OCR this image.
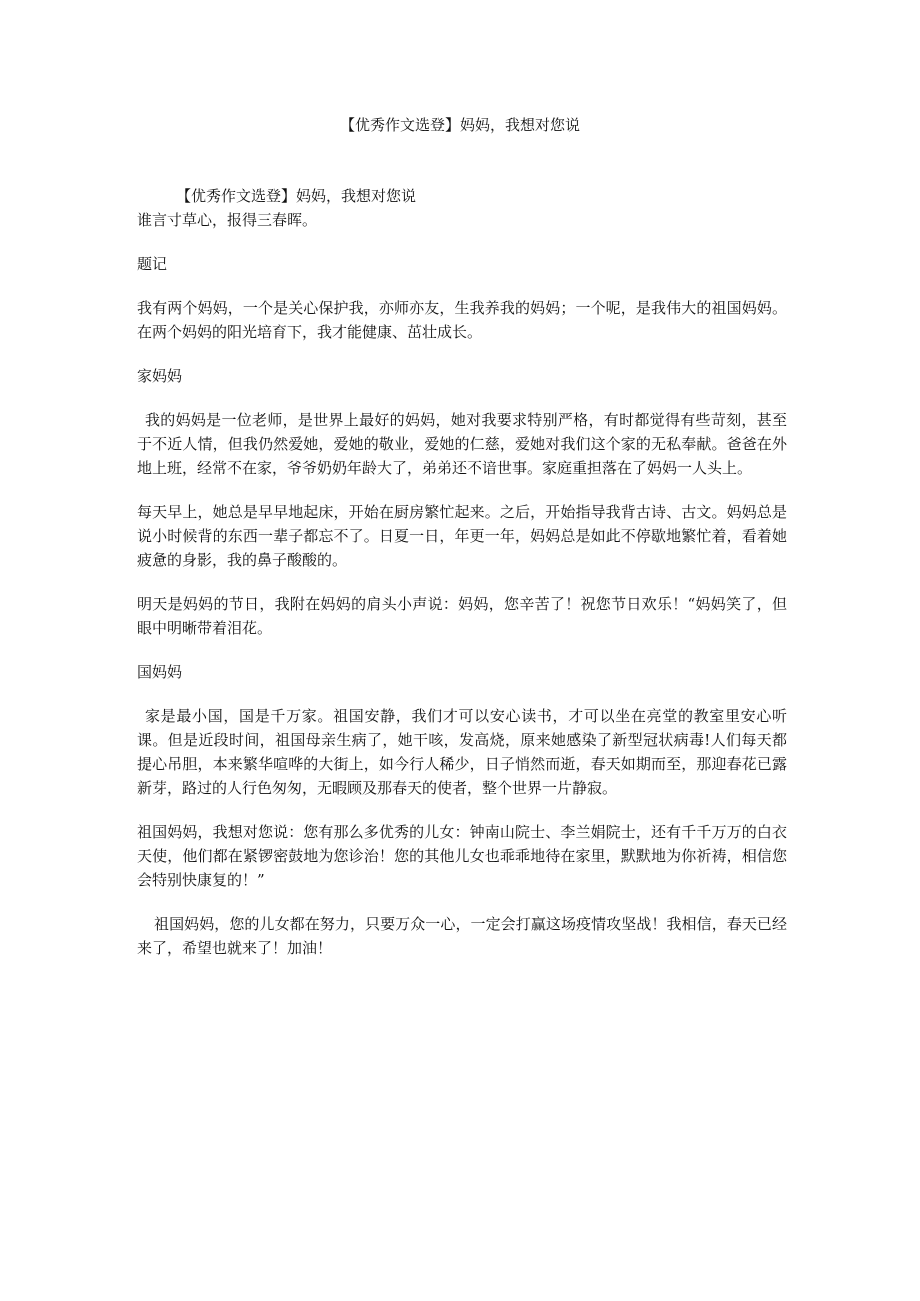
【优秀作文选登】妈妈，我想对您说

【优秀作文选登】妈妈，我想对您说

谁言寸草心，报得三春晖。

题记

我有两个妈妈，一个是关心保护我，亦师亦友，生我养我的妈妈；一个呢，是我伟大的祖国妈妈。在两个妈妈的阳光培育下，我才能健康、茁壮成长。

家妈妈

我的妈妈是一位老师，是世界上最好的妈妈，她对我要求特别严格，有时都觉得有些苛刻，甚至于不近人情，但我仍然爱她，爱她的敬业，爱她的仁慈，爱她对我们这个家的无私奉献。爸爸在外地上班，经常不在家，爷爷奶奶年龄大了，弟弟还不谙世事。家庭重担落在了妈妈一人头上。

每天早上，她总是早早地起床，开始在厨房繁忙起来。之后，开始指导我背古诗、古文。妈妈总是说小时候背的东西一辈子都忘不了。日夏一日，年更一年，妈妈总是如此不停歇地繁忙着，看着她疲惫的身影，我的鼻子酸酸的。

明天是妈妈的节日，我附在妈妈的肩头小声说：妈妈，您辛苦了！祝您节日欢乐！“妈妈笑了，但眼中明晰带着泪花。

国妈妈

家是最小国，国是千万家。祖国安静，我们才可以安心读书，才可以坐在亮堂的教室里安心听课。但是近段时间，祖国母亲生病了，她干咳，发高烧，原来她感染了新型冠状病毒!人们每天都提心吊胆，本来繁华喧哗的大街上，如今行人稀少，日子悄然而逝，春天如期而至，那迎春花已露新芽，路过的人行色匆匆，无暇顾及那春天的使者，整个世界一片静寂。

祖国妈妈，我想对您说：您有那么多优秀的儿女：钟南山院士、李兰娟院士，还有千千万万的白衣天使，他们都在紧锣密鼓地为您诊治！您的其他儿女也乖乖地待在家里，默默地为你祈祷，相信您会特别快康复的！”

祖国妈妈，您的儿女都在努力，只要万众一心，一定会打赢这场疫情攻坚战！我相信，春天已经来了，希望也就来了！加油！
